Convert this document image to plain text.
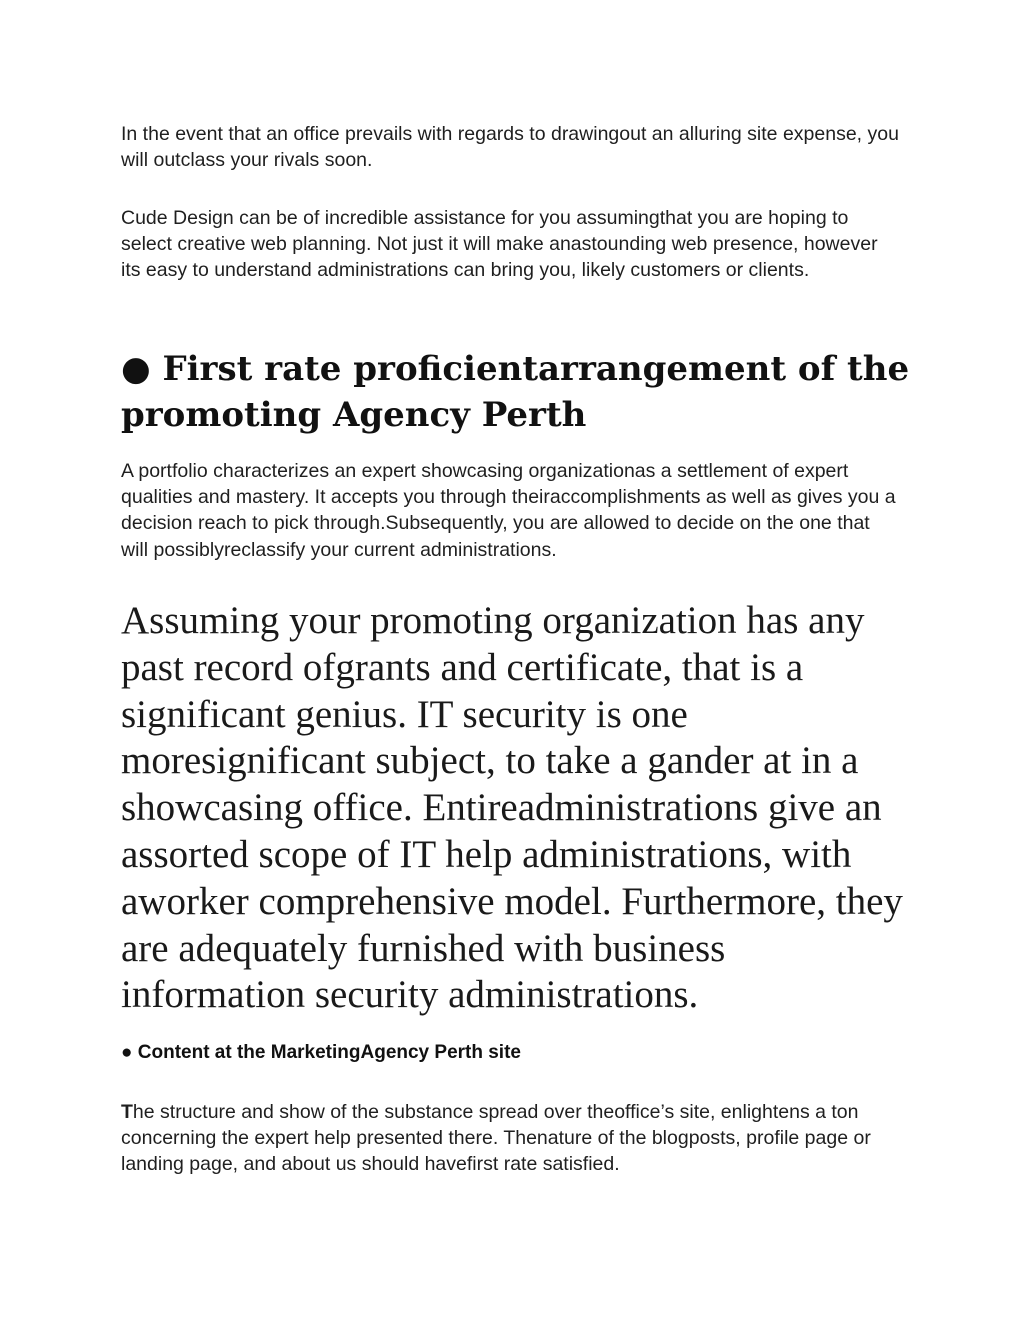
In the event that an office prevails with regards to drawingout an alluring site expense, you will outclass your rivals soon.

Cude Design can be of incredible assistance for you assumingthat you are hoping to select creative web planning. Not just it will make anastounding web presence, however its easy to understand administrations can bring you, likely customers or clients.

● First rate proficientarrangement of the promoting Agency Perth

A portfolio characterizes an expert showcasing organizationas a settlement of expert qualities and mastery. It accepts you through theiraccomplishments as well as gives you a decision reach to pick through.Subsequently, you are allowed to decide on the one that will possiblyreclassify your current administrations.

Assuming your promoting organization has any past record ofgrants and certificate, that is a significant genius. IT security is one moresignificant subject, to take a gander at in a showcasing office. Entireadministrations give an assorted scope of IT help administrations, with aworker comprehensive model. Furthermore, they are adequately furnished with business information security administrations.

● Content at the MarketingAgency Perth site

The structure and show of the substance spread over theoffice’s site, enlightens a ton concerning the expert help presented there. Thenature of the blogposts, profile page or landing page, and about us should havefirst rate satisfied.
